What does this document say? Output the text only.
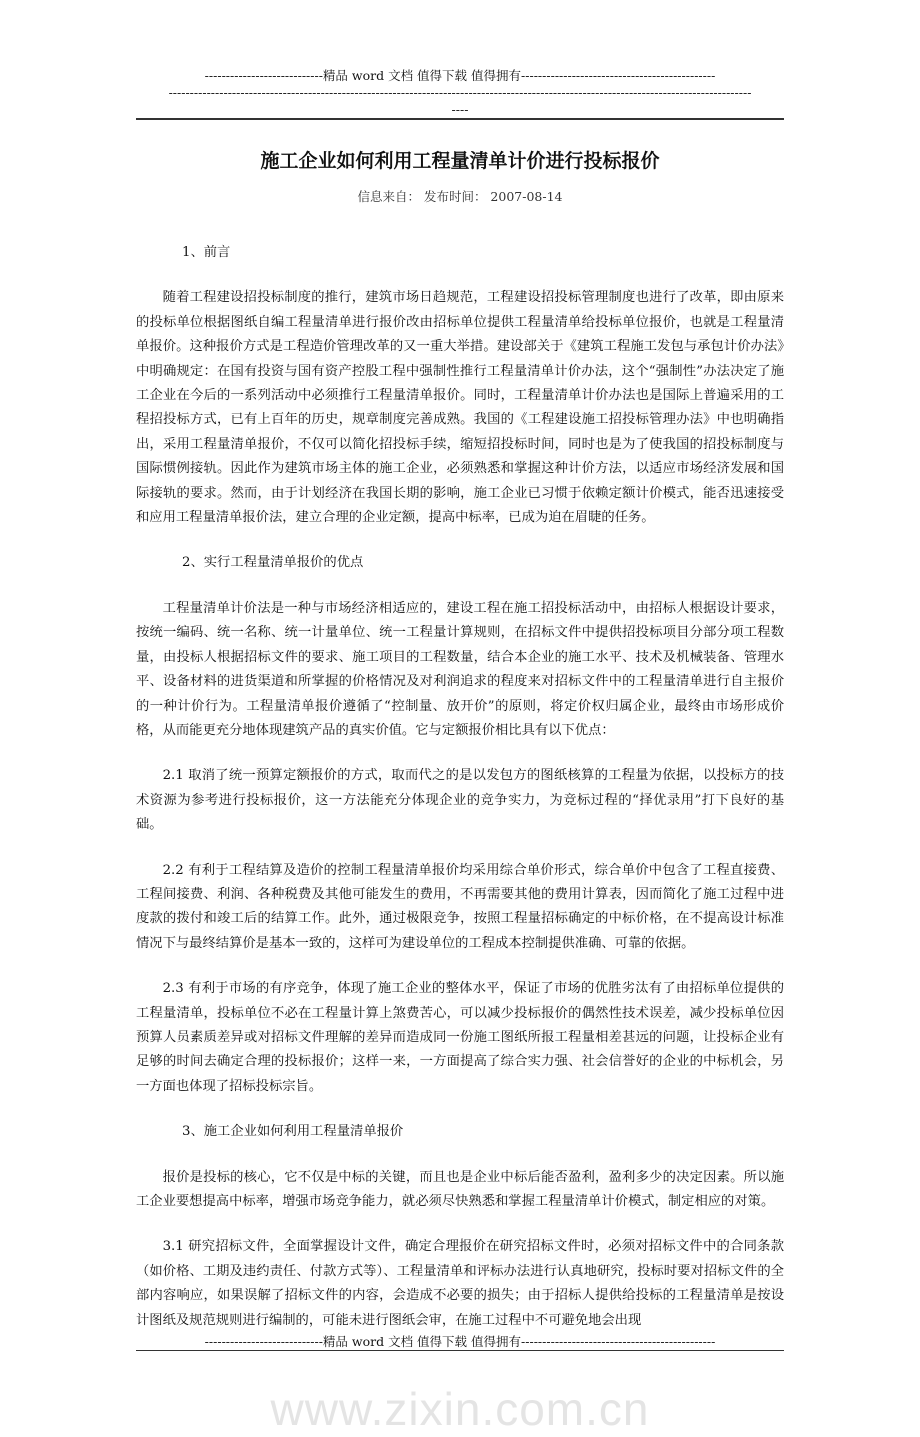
----------------------------精品 word 文档 值得下载 值得拥有----------------------------------------------
------------------------------------------------------------------------------------------------------------------------------------------
----
施工企业如何利用工程量清单计价进行投标报价
信息来自： 发布时间： 2007-08-14
1、前言
随着工程建设招投标制度的推行，建筑市场日趋规范，工程建设招投标管理制度也进行了改革，即由原来的投标单位根据图纸自编工程量清单进行报价改由招标单位提供工程量清单给投标单位报价，也就是工程量清单报价。这种报价方式是工程造价管理改革的又一重大举措。建设部关于《建筑工程施工发包与承包计价办法》中明确规定：在国有投资与国有资产控股工程中强制性推行工程量清单计价办法，这个“强制性”办法决定了施工企业在今后的一系列活动中必须推行工程量清单报价。同时，工程量清单计价办法也是国际上普遍采用的工程招投标方式，已有上百年的历史，规章制度完善成熟。我国的《工程建设施工招投标管理办法》中也明确指出，采用工程量清单报价，不仅可以简化招投标手续，缩短招投标时间，同时也是为了使我国的招投标制度与国际惯例接轨。因此作为建筑市场主体的施工企业，必须熟悉和掌握这种计价方法，以适应市场经济发展和国际接轨的要求。然而，由于计划经济在我国长期的影响，施工企业已习惯于依赖定额计价模式，能否迅速接受和应用工程量清单报价法，建立合理的企业定额，提高中标率，已成为迫在眉睫的任务。
2、实行工程量清单报价的优点
工程量清单计价法是一种与市场经济相适应的，建设工程在施工招投标活动中，由招标人根据设计要求，按统一编码、统一名称、统一计量单位、统一工程量计算规则，在招标文件中提供招投标项目分部分项工程数量，由投标人根据招标文件的要求、施工项目的工程数量，结合本企业的施工水平、技术及机械装备、管理水平、设备材料的进货渠道和所掌握的价格情况及对利润追求的程度来对招标文件中的工程量清单进行自主报价的一种计价行为。工程量清单报价遵循了“控制量、放开价”的原则，将定价权归属企业，最终由市场形成价格，从而能更充分地体现建筑产品的真实价值。它与定额报价相比具有以下优点：
2.1 取消了统一预算定额报价的方式，取而代之的是以发包方的图纸核算的工程量为依据，以投标方的技术资源为参考进行投标报价，这一方法能充分体现企业的竞争实力，为竞标过程的“择优录用”打下良好的基础。
2.2 有利于工程结算及造价的控制工程量清单报价均采用综合单价形式，综合单价中包含了工程直接费、工程间接费、利润、各种税费及其他可能发生的费用，不再需要其他的费用计算表，因而简化了施工过程中进度款的拨付和竣工后的结算工作。此外，通过极限竞争，按照工程量招标确定的中标价格，在不提高设计标准情况下与最终结算价是基本一致的，这样可为建设单位的工程成本控制提供准确、可靠的依据。
2.3 有利于市场的有序竞争，体现了施工企业的整体水平，保证了市场的优胜劣汰有了由招标单位提供的工程量清单，投标单位不必在工程量计算上煞费苦心，可以减少投标报价的偶然性技术误差，减少投标单位因预算人员素质差异或对招标文件理解的差异而造成同一份施工图纸所报工程量相差甚远的问题，让投标企业有足够的时间去确定合理的投标报价；这样一来，一方面提高了综合实力强、社会信誉好的企业的中标机会，另一方面也体现了招标投标宗旨。
3、施工企业如何利用工程量清单报价
报价是投标的核心，它不仅是中标的关键，而且也是企业中标后能否盈利，盈利多少的决定因素。所以施工企业要想提高中标率，增强市场竞争能力，就必须尽快熟悉和掌握工程量清单计价模式，制定相应的对策。
3.1 研究招标文件，全面掌握设计文件，确定合理报价在研究招标文件时，必须对招标文件中的合同条款（如价格、工期及违约责任、付款方式等）、工程量清单和评标办法进行认真地研究，投标时要对招标文件的全部内容响应，如果误解了招标文件的内容，会造成不必要的损失；由于招标人提供给投标的工程量清单是按设计图纸及规范规则进行编制的，可能未进行图纸会审，在施工过程中不可避免地会出现
----------------------------精品 word 文档 值得下载 值得拥有----------------------------------------------
www.zixin.com.cn
